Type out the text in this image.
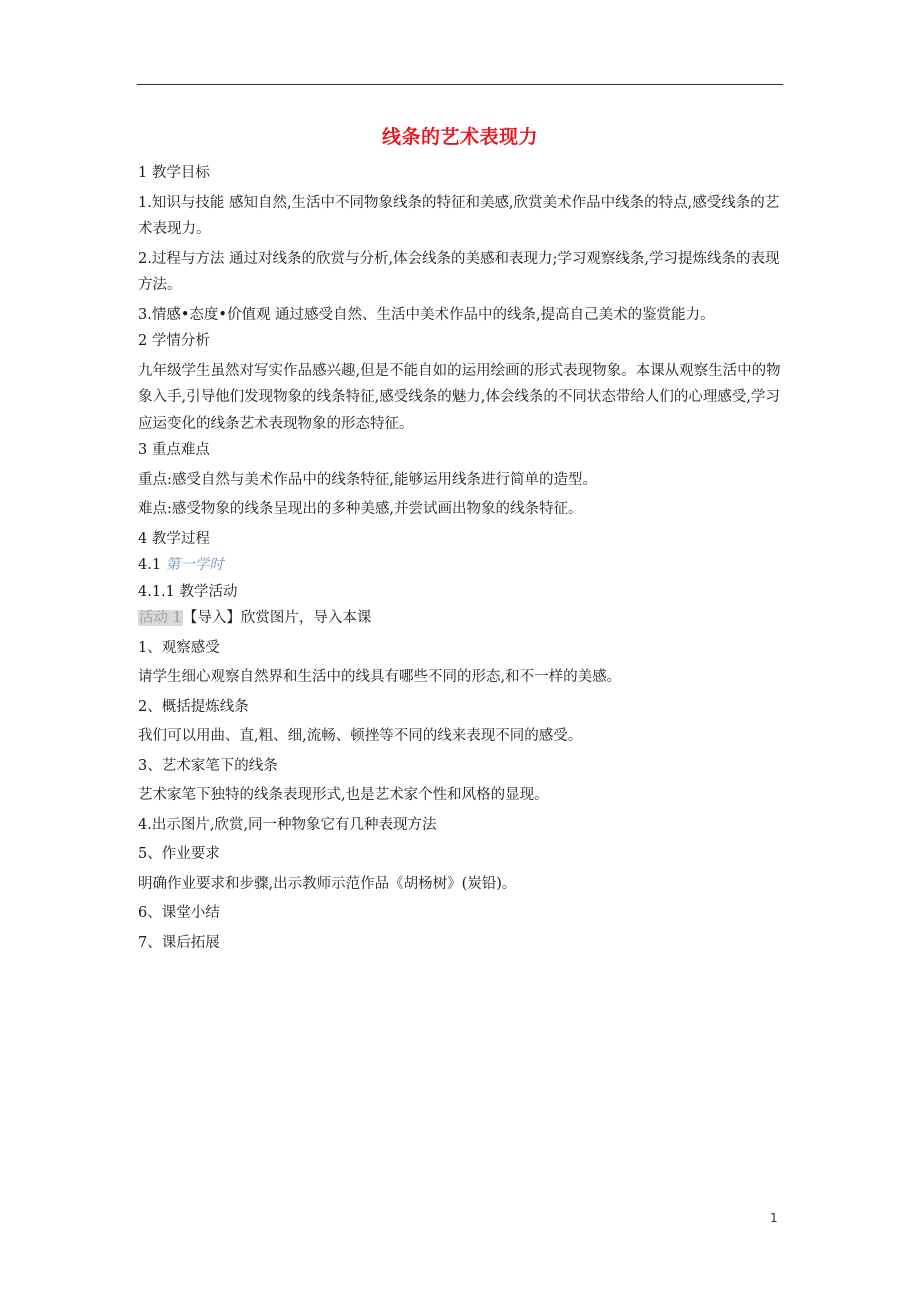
线条的艺术表现力

1 教学目标

1.知识与技能 感知自然,生活中不同物象线条的特征和美感,欣赏美术作品中线条的特点,感受线条的艺术表现力。

2.过程与方法 通过对线条的欣赏与分析,体会线条的美感和表现力;学习观察线条,学习提炼线条的表现方法。

3.情感•态度•价值观 通过感受自然、生活中美术作品中的线条,提高自己美术的鉴赏能力。

2 学情分析

九年级学生虽然对写实作品感兴趣,但是不能自如的运用绘画的形式表现物象。本课从观察生活中的物象入手,引导他们发现物象的线条特征,感受线条的魅力,体会线条的不同状态带给人们的心理感受,学习应运变化的线条艺术表现物象的形态特征。

3 重点难点

重点:感受自然与美术作品中的线条特征,能够运用线条进行简单的造型。

难点:感受物象的线条呈现出的多种美感,并尝试画出物象的线条特征。

4 教学过程

4.1 第一学时

4.1.1 教学活动

活动 1【导入】欣赏图片，导入本课

1、观察感受

请学生细心观察自然界和生活中的线具有哪些不同的形态,和不一样的美感。

2、概括提炼线条

我们可以用曲、直,粗、细,流畅、顿挫等不同的线来表现不同的感受。

3、艺术家笔下的线条

艺术家笔下独特的线条表现形式,也是艺术家个性和风格的显现。

4.出示图片,欣赏,同一种物象它有几种表现方法

5、作业要求

明确作业要求和步骤,出示教师示范作品《胡杨树》(炭铅)。

6、课堂小结

7、课后拓展

1
